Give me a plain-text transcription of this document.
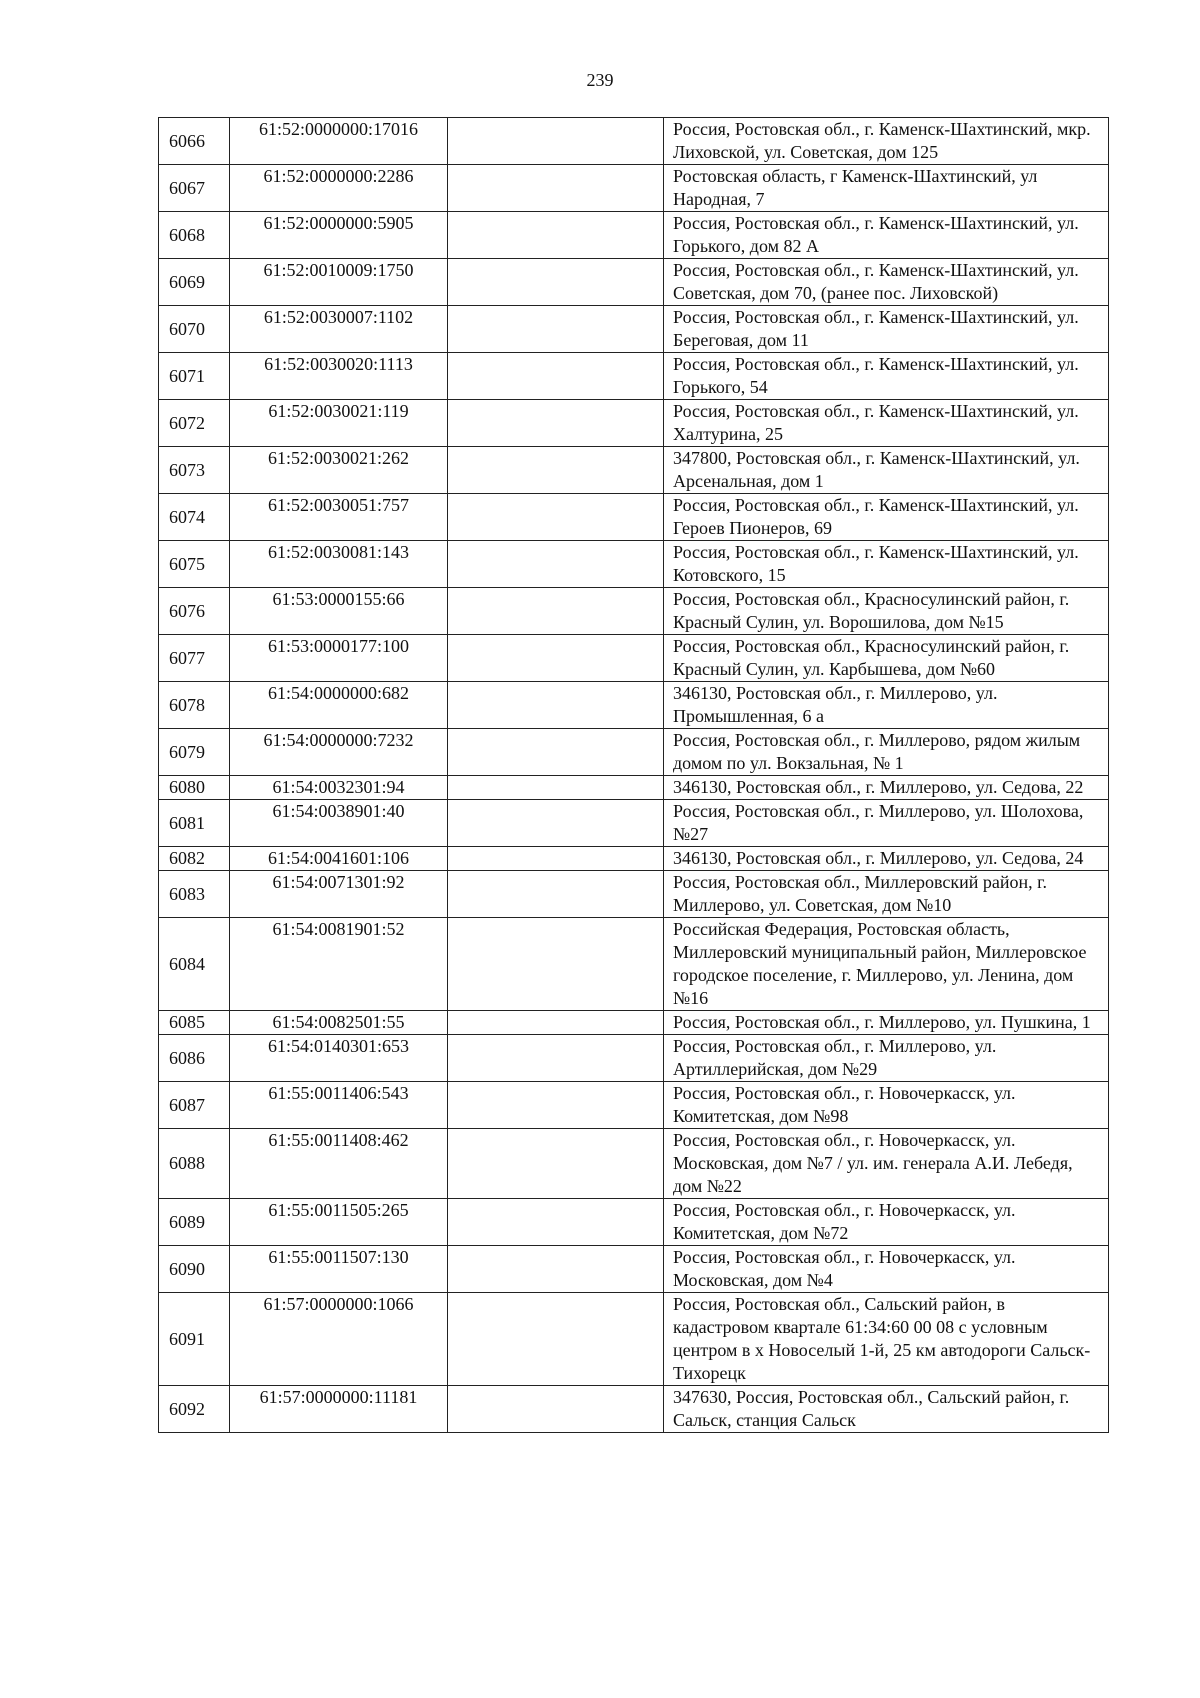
239
6066	61:52:0000000:17016		Россия, Ростовская обл., г. Каменск-Шахтинский, мкр. Лиховской, ул. Советская, дом 125
6067	61:52:0000000:2286		Ростовская область, г Каменск-Шахтинский, ул Народная, 7
6068	61:52:0000000:5905		Россия, Ростовская обл., г. Каменск-Шахтинский, ул. Горького, дом 82 А
6069	61:52:0010009:1750		Россия, Ростовская обл., г. Каменск-Шахтинский, ул. Советская, дом 70, (ранее пос. Лиховской)
6070	61:52:0030007:1102		Россия, Ростовская обл., г. Каменск-Шахтинский, ул. Береговая, дом 11
6071	61:52:0030020:1113		Россия, Ростовская обл., г. Каменск-Шахтинский, ул. Горького, 54
6072	61:52:0030021:119		Россия, Ростовская обл., г. Каменск-Шахтинский, ул. Халтурина, 25
6073	61:52:0030021:262		347800, Ростовская обл., г. Каменск-Шахтинский, ул. Арсенальная, дом 1
6074	61:52:0030051:757		Россия, Ростовская обл., г. Каменск-Шахтинский, ул. Героев Пионеров, 69
6075	61:52:0030081:143		Россия, Ростовская обл., г. Каменск-Шахтинский, ул. Котовского, 15
6076	61:53:0000155:66		Россия, Ростовская обл., Красносулинский район, г. Красный Сулин, ул. Ворошилова, дом №15
6077	61:53:0000177:100		Россия, Ростовская обл., Красносулинский район, г. Красный Сулин, ул. Карбышева, дом №60
6078	61:54:0000000:682		346130, Ростовская обл., г. Миллерово, ул. Промышленная, 6 а
6079	61:54:0000000:7232		Россия, Ростовская обл., г. Миллерово, рядом жилым домом по ул. Вокзальная, № 1
6080	61:54:0032301:94		346130, Ростовская обл., г. Миллерово, ул. Седова, 22
6081	61:54:0038901:40		Россия, Ростовская обл., г. Миллерово, ул. Шолохова, №27
6082	61:54:0041601:106		346130, Ростовская обл., г. Миллерово, ул. Седова, 24
6083	61:54:0071301:92		Россия, Ростовская обл., Миллеровский район, г. Миллерово, ул. Советская, дом №10
6084	61:54:0081901:52		Российская Федерация, Ростовская область, Миллеровский муниципальный район, Миллеровское городское поселение, г. Миллерово, ул. Ленина, дом №16
6085	61:54:0082501:55		Россия, Ростовская обл., г. Миллерово, ул. Пушкина, 1
6086	61:54:0140301:653		Россия, Ростовская обл., г. Миллерово, ул. Артиллерийская, дом №29
6087	61:55:0011406:543		Россия, Ростовская обл., г. Новочеркасск, ул. Комитетская, дом №98
6088	61:55:0011408:462		Россия, Ростовская обл., г. Новочеркасск, ул. Московская, дом №7 / ул. им. генерала А.И. Лебедя, дом №22
6089	61:55:0011505:265		Россия, Ростовская обл., г. Новочеркасск, ул. Комитетская, дом №72
6090	61:55:0011507:130		Россия, Ростовская обл., г. Новочеркасск, ул. Московская, дом №4
6091	61:57:0000000:1066		Россия, Ростовская обл., Сальский район, в кадастровом квартале 61:34:60 00 08 с условным центром в х Новоселый 1-й, 25 км автодороги Сальск-Тихорецк
6092	61:57:0000000:11181		347630, Россия, Ростовская обл., Сальский район, г. Сальск, станция Сальск
